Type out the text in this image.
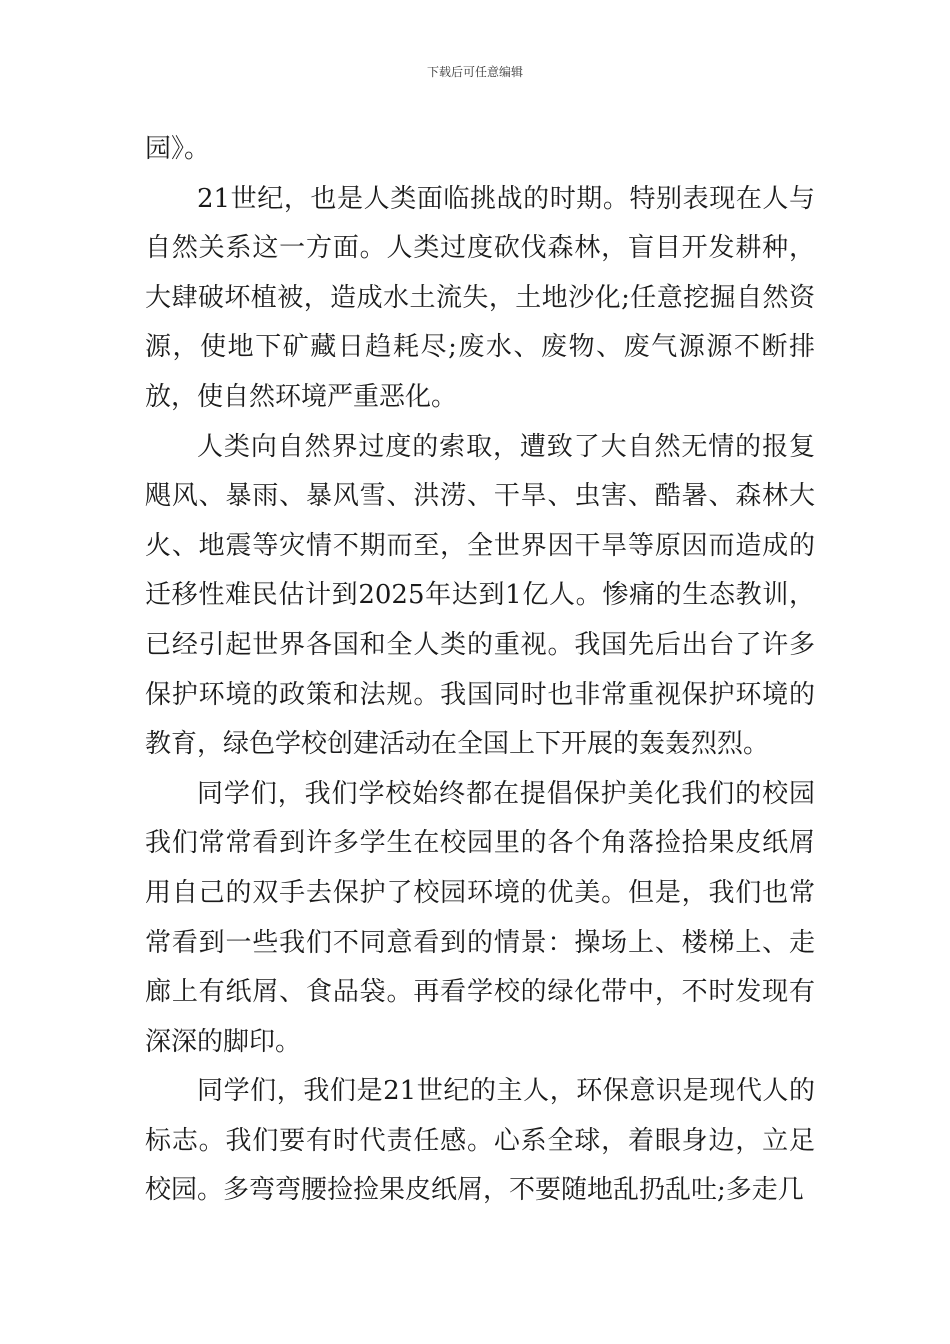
下载后可任意编辑

园》。

21世纪，也是人类面临挑战的时期。特别表现在人与自然关系这一方面。人类过度砍伐森林，盲目开发耕种，大肆破坏植被，造成水土流失，土地沙化;任意挖掘自然资源，使地下矿藏日趋耗尽;废水、废物、废气源源不断排放，使自然环境严重恶化。

人类向自然界过度的索取，遭致了大自然无情的报复飓风、暴雨、暴风雪、洪涝、干旱、虫害、酷暑、森林大火、地震等灾情不期而至，全世界因干旱等原因而造成的迁移性难民估计到2025年达到1亿人。惨痛的生态教训，已经引起世界各国和全人类的重视。我国先后出台了许多保护环境的政策和法规。我国同时也非常重视保护环境的教育，绿色学校创建活动在全国上下开展的轰轰烈烈。

同学们，我们学校始终都在提倡保护美化我们的校园我们常常看到许多学生在校园里的各个角落捡拾果皮纸屑用自己的双手去保护了校园环境的优美。但是，我们也常常看到一些我们不同意看到的情景：操场上、楼梯上、走廊上有纸屑、食品袋。再看学校的绿化带中，不时发现有深深的脚印。

同学们，我们是21世纪的主人，环保意识是现代人的标志。我们要有时代责任感。心系全球，着眼身边，立足校园。多弯弯腰捡捡果皮纸屑，不要随地乱扔乱吐;多走几
